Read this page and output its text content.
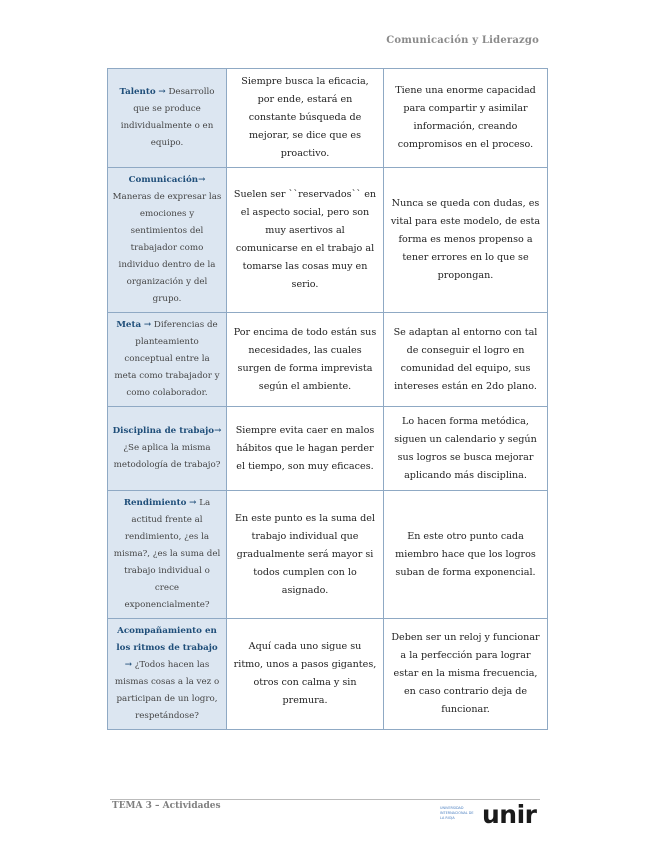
Comunicación y Liderazgo
Talento → Desarrollo que se produce individualmente o en equipo.	Siempre busca la eficacia, por ende, estará en constante búsqueda de mejorar, se dice que es proactivo.	Tiene una enorme capacidad para compartir y asimilar información, creando compromisos en el proceso.
Comunicación→ Maneras de expresar las emociones y sentimientos del trabajador como individuo dentro de la organización y del grupo.	Suelen ser ``reservados`` en el aspecto social, pero son muy asertivos al comunicarse en el trabajo al tomarse las cosas muy en serio.	Nunca se queda con dudas, es vital para este modelo, de esta forma es menos propenso a tener errores en lo que se propongan.
Meta → Diferencias de planteamiento conceptual entre la meta como trabajador y como colaborador.	Por encima de todo están sus necesidades, las cuales surgen de forma imprevista según el ambiente.	Se adaptan al entorno con tal de conseguir el logro en comunidad del equipo, sus intereses están en 2do plano.
Disciplina de trabajo→ ¿Se aplica la misma metodología de trabajo?	Siempre evita caer en malos hábitos que le hagan perder el tiempo, son muy eficaces.	Lo hacen forma metódica, siguen un calendario y según sus logros se busca mejorar aplicando más disciplina.
Rendimiento → La actitud frente al rendimiento, ¿es la misma?, ¿es la suma del trabajo individual o crece exponencialmente?	En este punto es la suma del trabajo individual que gradualmente será mayor si todos cumplen con lo asignado.	En este otro punto cada miembro hace que los logros suban de forma exponencial.
Acompañamiento en los ritmos de trabajo → ¿Todos hacen las mismas cosas a la vez o participan de un logro, respetándose?	Aquí cada uno sigue su ritmo, unos a pasos gigantes, otros con calma y sin premura.	Deben ser un reloj y funcionar a la perfección para lograr estar en la misma frecuencia, en caso contrario deja de funcionar.
TEMA 3 – Actividades	UNIVERSIDAD INTERNACIONAL DE LA RIOJA	unir
